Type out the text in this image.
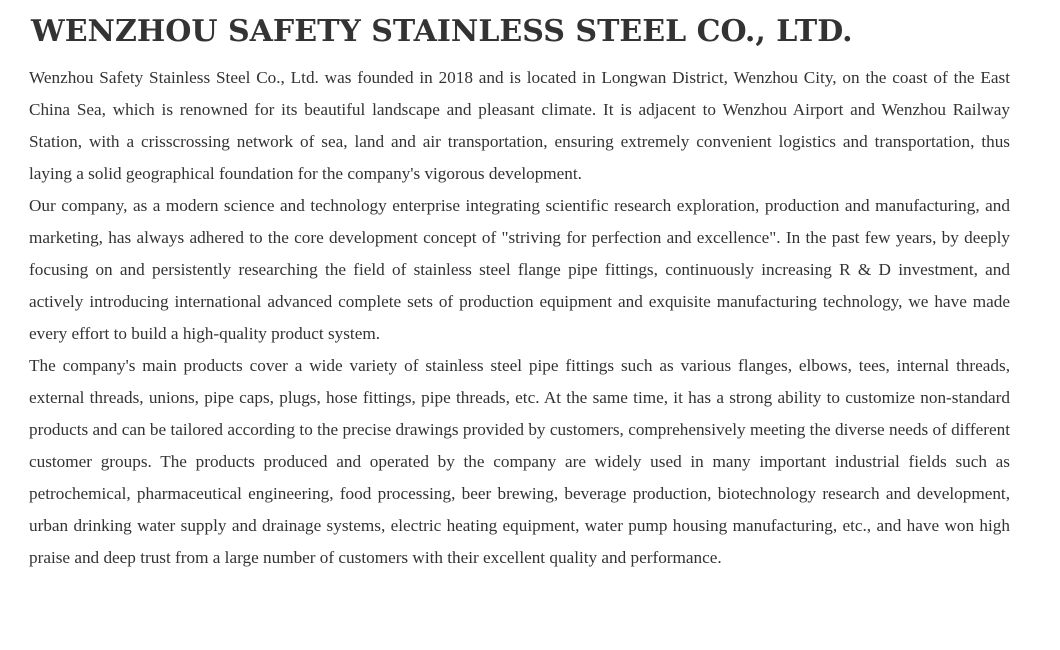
WENZHOU SAFETY STAINLESS STEEL CO., LTD.

Wenzhou Safety Stainless Steel Co., Ltd. was founded in 2018 and is located in Longwan District, Wenzhou City, on the coast of the East China Sea, which is renowned for its beautiful landscape and pleasant climate. It is adjacent to Wenzhou Airport and Wenzhou Railway Station, with a crisscrossing network of sea, land and air transportation, ensuring extremely convenient logistics and transportation, thus laying a solid geographical foundation for the company's vigorous development.

Our company, as a modern science and technology enterprise integrating scientific research exploration, production and manufacturing, and marketing, has always adhered to the core development concept of "striving for perfection and excellence". In the past few years, by deeply focusing on and persistently researching the field of stainless steel flange pipe fittings, continuously increasing R & D investment, and actively introducing international advanced complete sets of production equipment and exquisite manufacturing technology, we have made every effort to build a high-quality product system.

The company's main products cover a wide variety of stainless steel pipe fittings such as various flanges, elbows, tees, internal threads, external threads, unions, pipe caps, plugs, hose fittings, pipe threads, etc. At the same time, it has a strong ability to customize non-standard products and can be tailored according to the precise drawings provided by customers, comprehensively meeting the diverse needs of different customer groups. The products produced and operated by the company are widely used in many important industrial fields such as petrochemical, pharmaceutical engineering, food processing, beer brewing, beverage production, biotechnology research and development, urban drinking water supply and drainage systems, electric heating equipment, water pump housing manufacturing, etc., and have won high praise and deep trust from a large number of customers with their excellent quality and performance.
